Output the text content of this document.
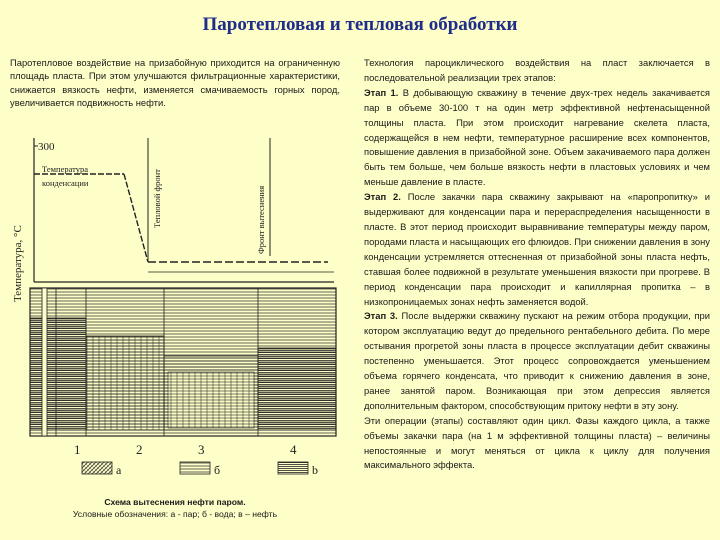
Паротепловая и тепловая обработки
Паротепловое воздействие на призабойную приходится на ограниченную площадь пласта. При этом улучшаются фильтрационные характеристики, снижается вязкость нефти, изменяется смачиваемость горных пород, увеличивается подвижность нефти.
Температура, °С
300
Температура
конденсации	Тепловой фронт	Фронт вытеснения
1	2	3	4
а	б	b
Схема вытеснения нефти паром.
Условные обозначения: а - пар; б - вода; в – нефть

Технология пароциклического воздействия на пласт заключается в последовательной реализации трех этапов:

Этап 1. В добывающую скважину в течение двух-трех недель закачивается пар в объеме 30-100 т на один метр эффективной нефтенасыщенной толщины пласта. При этом происходит нагревание скелета пласта, содержащейся в нем нефти, температурное расширение всех компонентов, повышение давления в призабойной зоне. Объем закачиваемого пара должен быть тем больше, чем больше вязкость нефти в пластовых условиях и чем меньше давление в пласте.

Этап 2. После закачки пара скважину закрывают на «паропропитку» и выдерживают для конденсации пара и перераспределения насыщенности в пласте. В этот период происходит выравнивание температуры между паром, породами пласта и насыщающих его флюидов. При снижении давления в зону конденсации устремляется оттесненная от призабойной зоны пласта нефть, ставшая более подвижной в результате уменьшения вязкости при прогреве. В период конденсации пара происходит и капиллярная пропитка – в низкопроницаемых зонах нефть заменяется водой.

Этап 3. После выдержки скважину пускают на режим отбора продукции, при котором эксплуатацию ведут до предельного рентабельного дебита. По мере остывания прогретой зоны пласта в процессе эксплуатации дебит скважины постепенно уменьшается. Этот процесс сопровождается уменьшением объема горячего конденсата, что приводит к снижению давления в зоне, ранее занятой паром. Возникающая при этом депрессия является дополнительным фактором, способствующим притоку нефти в эту зону.

Эти операции (этапы) составляют один цикл. Фазы каждого цикла, а также объемы закачки пара (на 1 м эффективной толщины пласта) – величины непостоянные и могут меняться от цикла к циклу для получения максимального эффекта.
